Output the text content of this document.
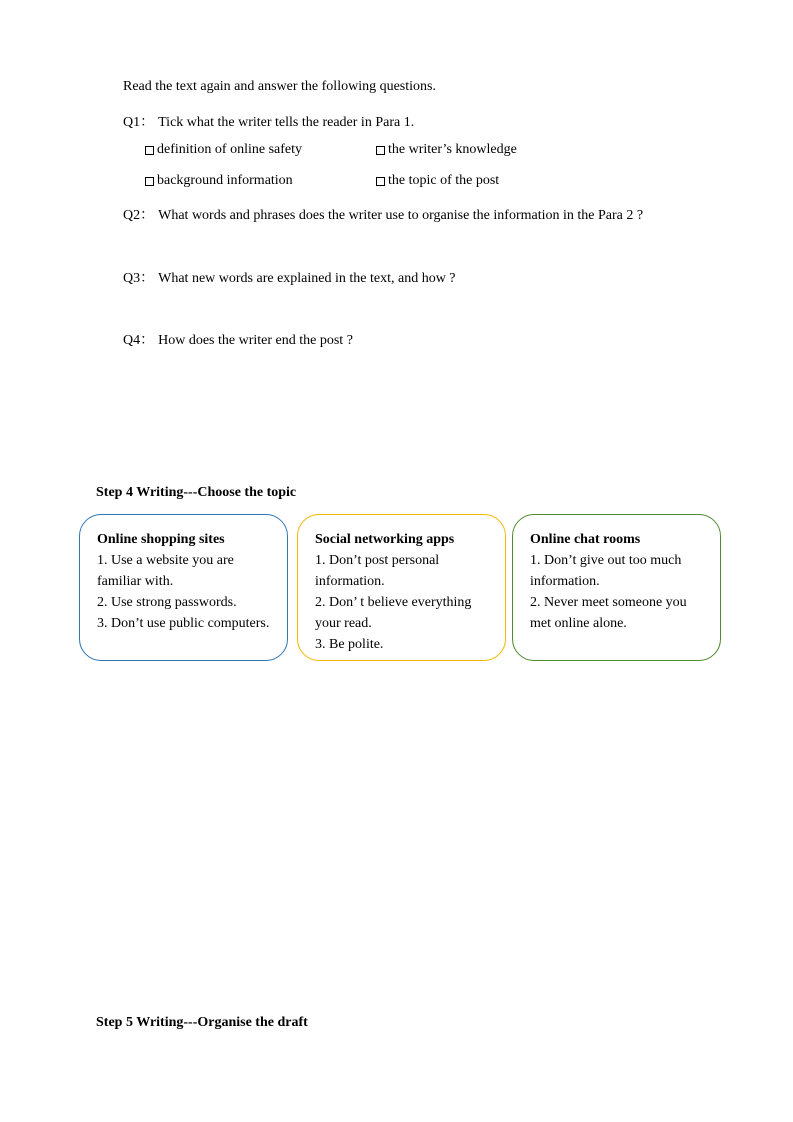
Read the text again and answer the following questions.
Q1： Tick what the writer tells the reader in Para 1.
definition of online safety	the writer’s knowledge
background information	the topic of the post
Q2： What words and phrases does the writer use to organise the information in the Para 2 ?
Q3： What new words are explained in the text, and how ?
Q4： How does the writer end the post ?
Step 4 Writing---Choose the topic
Online shopping sites
1. Use a website you are
familiar with.
2. Use strong passwords.
3. Don’t use public computers.
Social networking apps
1. Don’t post personal
information.
2. Don’ t believe everything
your read.
3. Be polite.
Online chat rooms
1. Don’t give out too much
information.
2. Never meet someone you
met online alone.
Step 5 Writing---Organise the draft
